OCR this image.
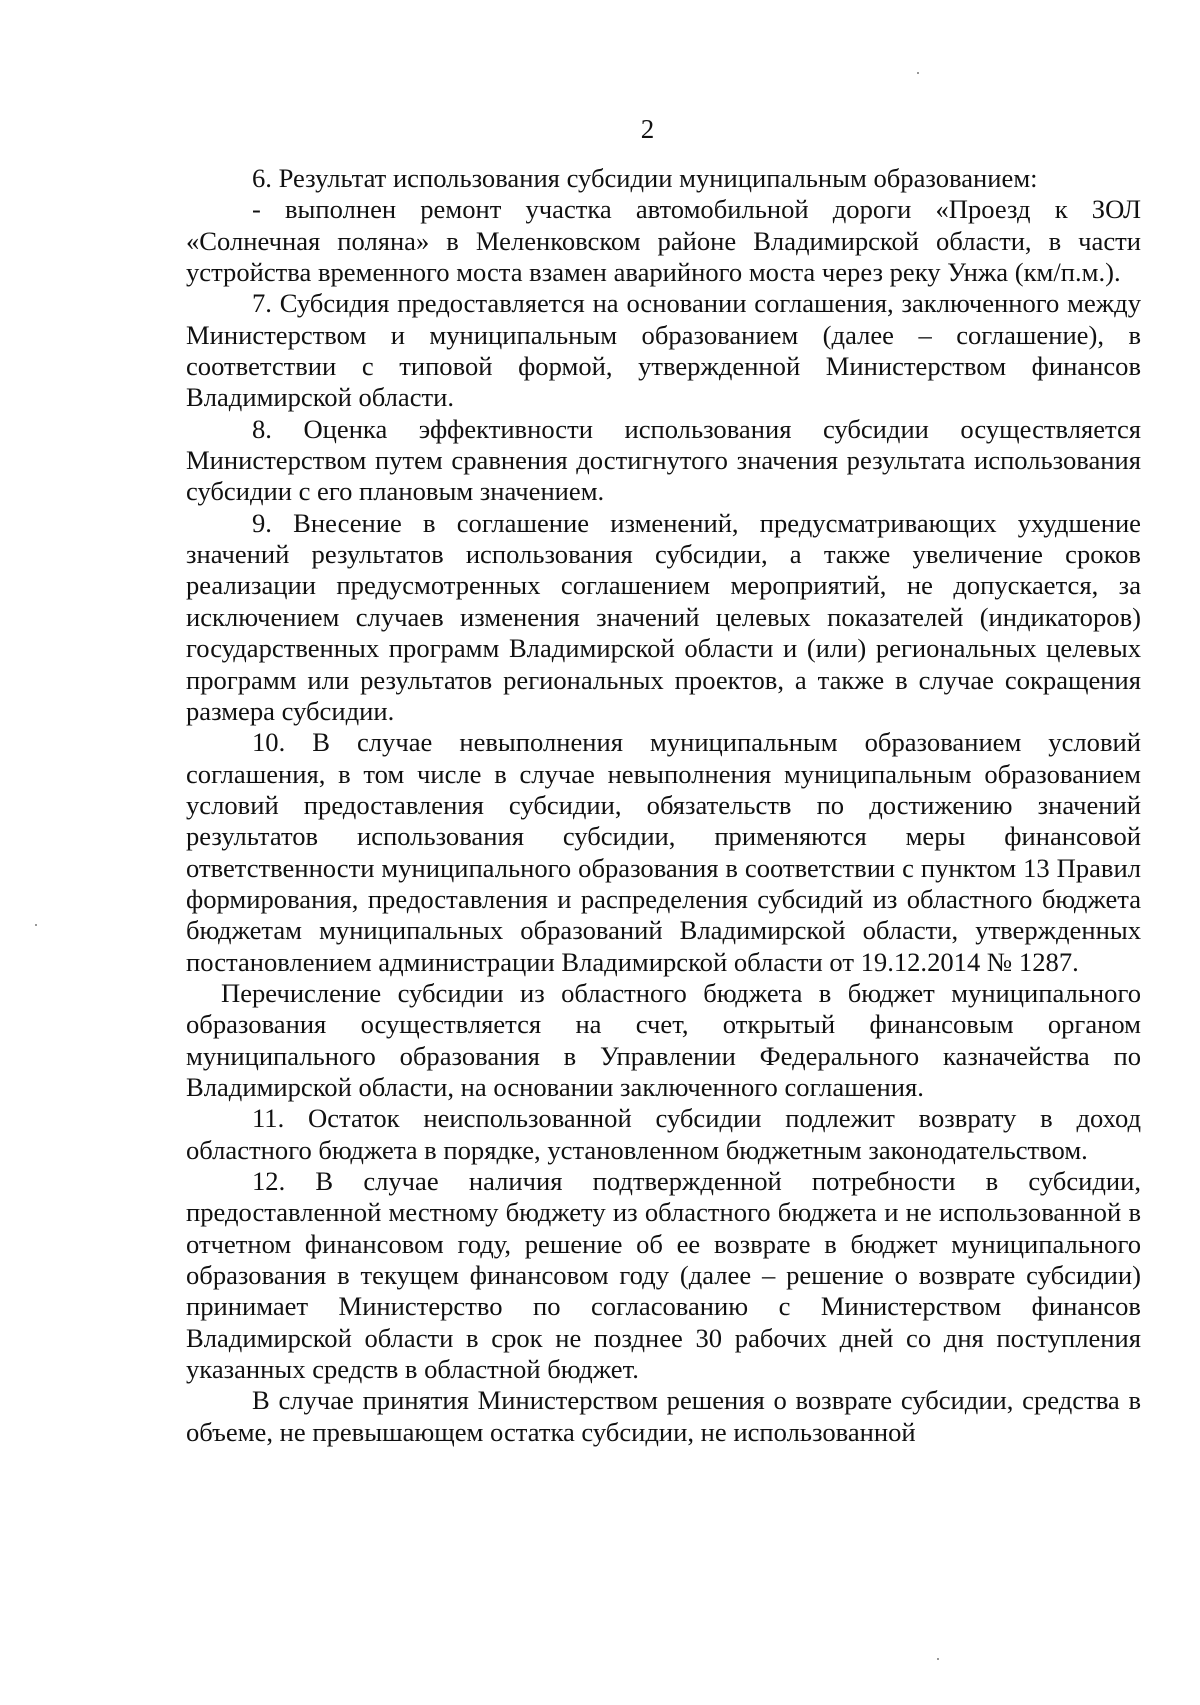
2

6. Результат использования субсидии муниципальным образованием:

- выполнен ремонт участка автомобильной дороги «Проезд к ЗОЛ «Солнечная поляна» в Меленковском районе Владимирской области, в части устройства временного моста взамен аварийного моста через реку Унжа (км/п.м.).

7. Субсидия предоставляется на основании соглашения, заключенного между Министерством и муниципальным образованием (далее – соглашение), в соответствии с типовой формой, утвержденной Министерством финансов Владимирской области.

8. Оценка эффективности использования субсидии осуществляется Министерством путем сравнения достигнутого значения результата использования субсидии с его плановым значением.

9. Внесение в соглашение изменений, предусматривающих ухудшение значений результатов использования субсидии, а также увеличение сроков реализации предусмотренных соглашением мероприятий, не допускается, за исключением случаев изменения значений целевых показателей (индикаторов) государственных программ Владимирской области и (или) региональных целевых программ или результатов региональных проектов, а также в случае сокращения размера субсидии.

10. В случае невыполнения муниципальным образованием условий соглашения, в том числе в случае невыполнения муниципальным образованием условий предоставления субсидии, обязательств по достижению значений результатов использования субсидии, применяются меры финансовой ответственности муниципального образования в соответствии с пунктом 13 Правил формирования, предоставления и распределения субсидий из областного бюджета бюджетам муниципальных образований Владимирской области, утвержденных постановлением администрации Владимирской области от 19.12.2014 № 1287.

Перечисление субсидии из областного бюджета в бюджет муниципального образования осуществляется на счет, открытый финансовым органом муниципального образования в Управлении Федерального казначейства по Владимирской области, на основании заключенного соглашения.

11. Остаток неиспользованной субсидии подлежит возврату в доход областного бюджета в порядке, установленном бюджетным законодательством.

12. В случае наличия подтвержденной потребности в субсидии, предоставленной местному бюджету из областного бюджета и не использованной в отчетном финансовом году, решение об ее возврате в бюджет муниципального образования в текущем финансовом году (далее – решение о возврате субсидии) принимает Министерство по согласованию с Министерством финансов Владимирской области в срок не позднее 30 рабочих дней со дня поступления указанных средств в областной бюджет.

В случае принятия Министерством решения о возврате субсидии, средства в объеме, не превышающем остатка субсидии, не использованной
